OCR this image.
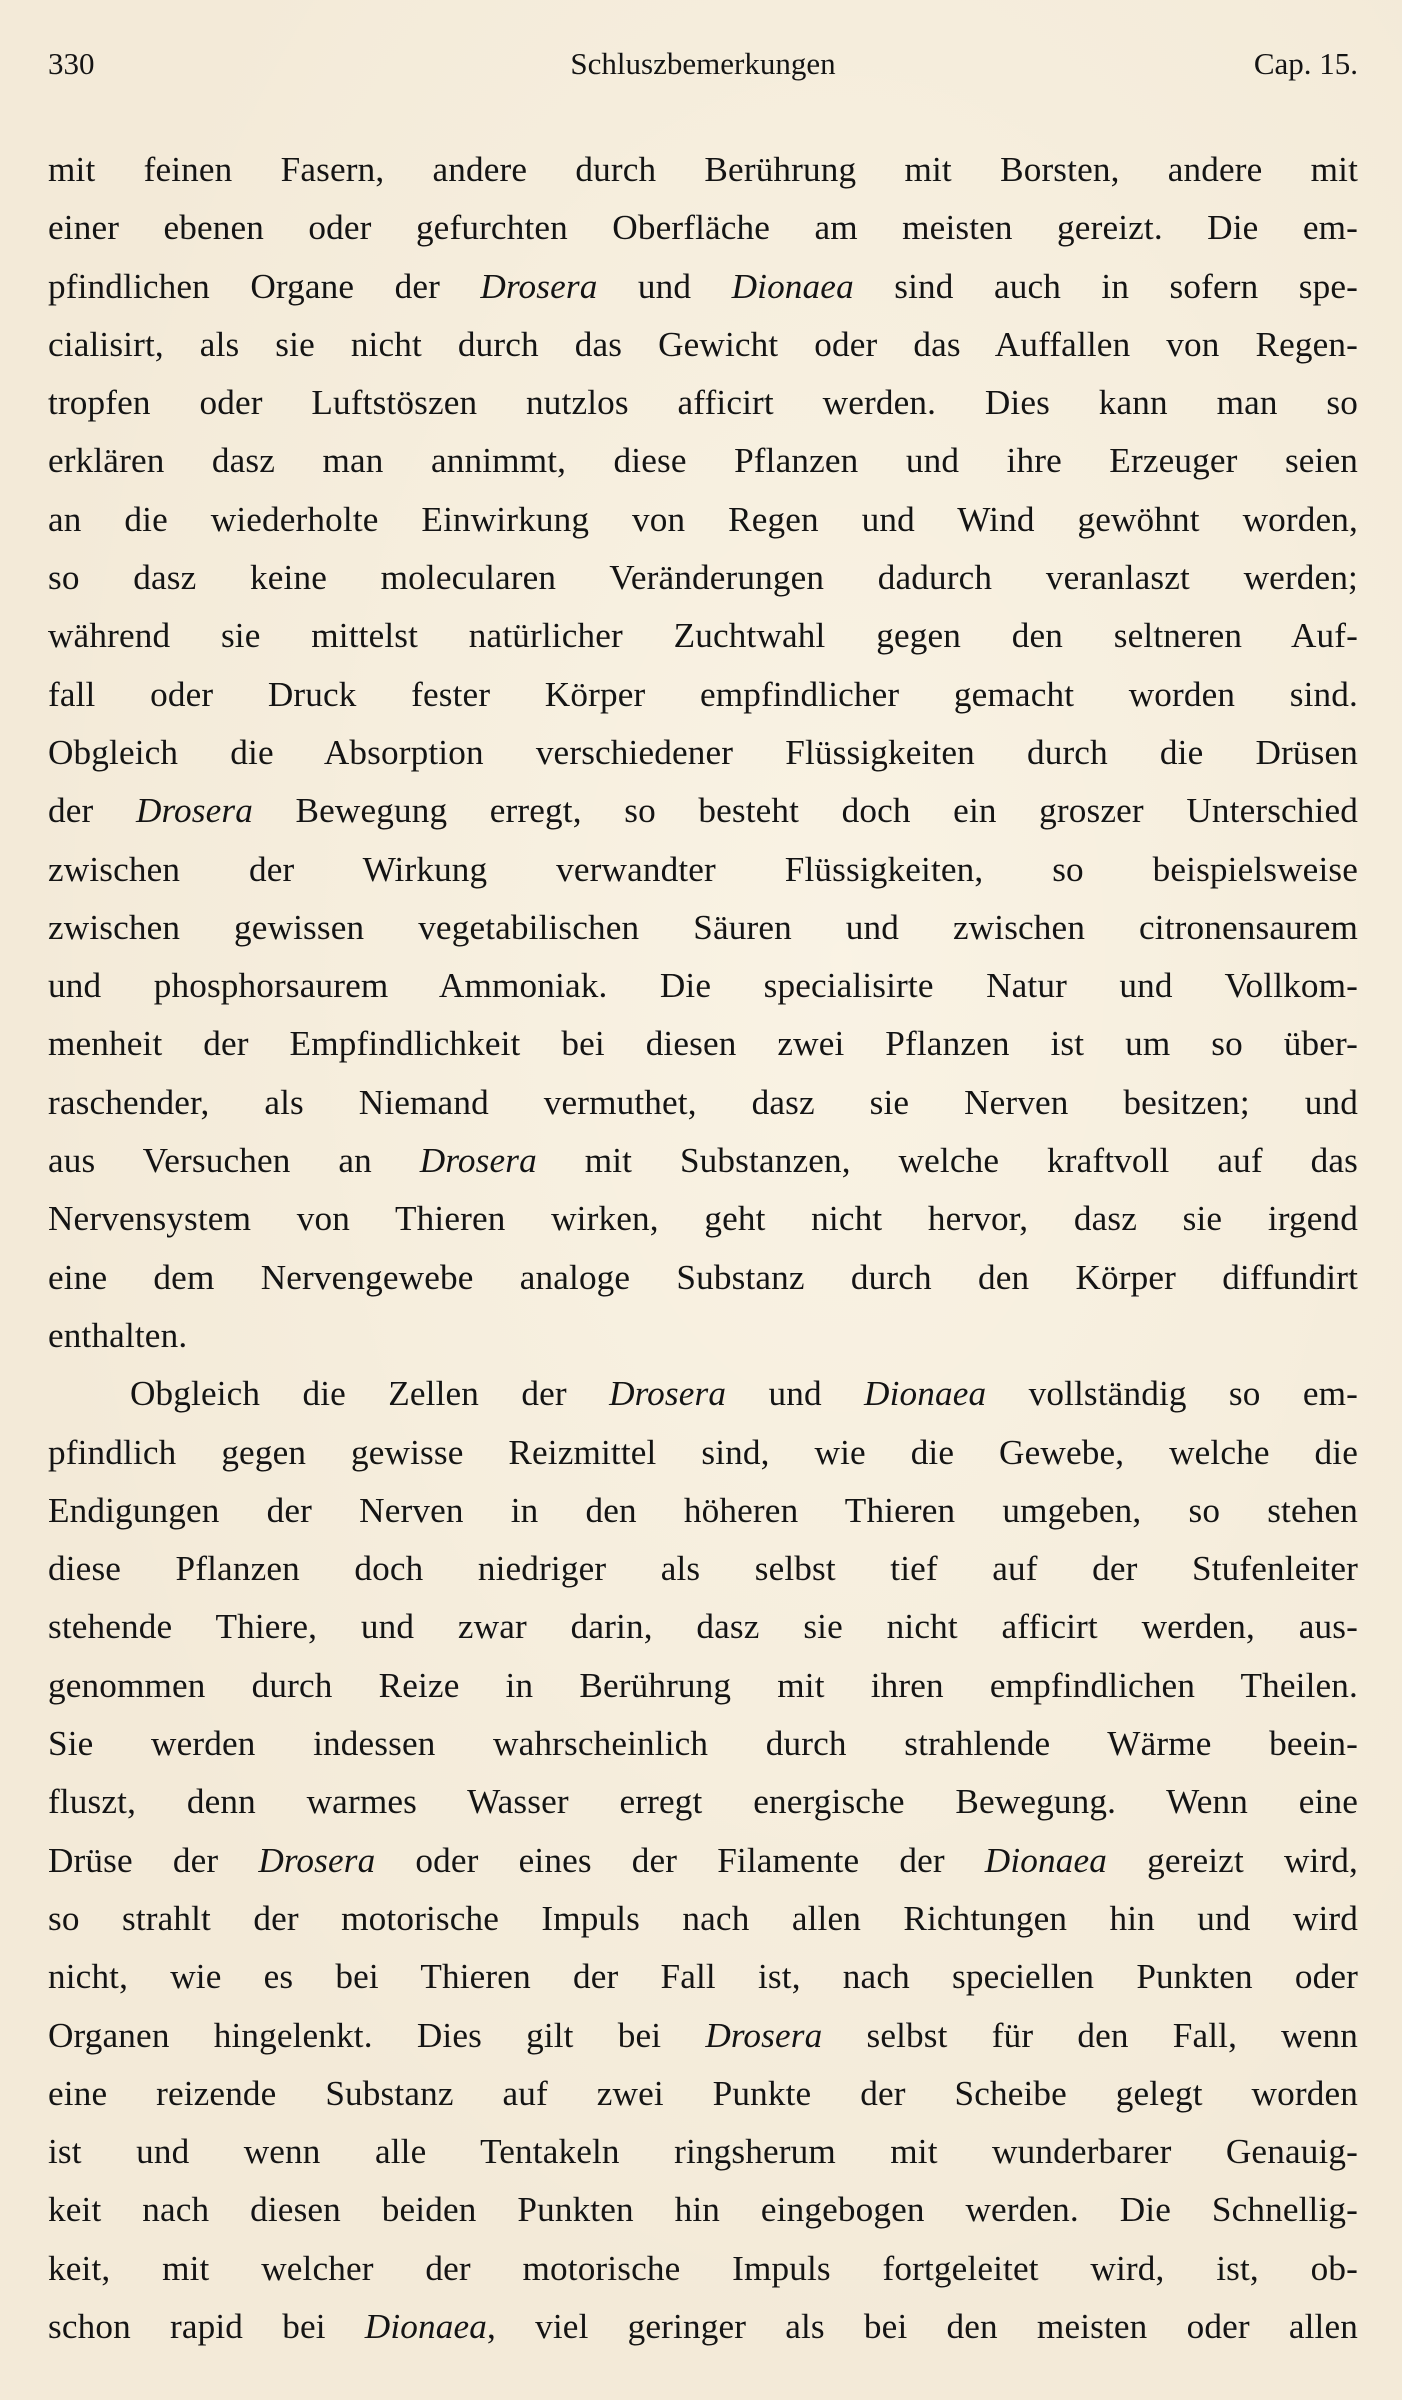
Schluszbemerkungen
330	Cap. 15.
mit feinen Fasern, andere durch Berührung mit Borsten, andere mit
einer ebenen oder gefurchten Oberfläche am meisten gereizt. Die em-
pfindlichen Organe der Drosera und Dionaea sind auch in sofern spe-
cialisirt, als sie nicht durch das Gewicht oder das Auffallen von Regen-
tropfen oder Luftstöszen nutzlos afficirt werden. Dies kann man so
erklären dasz man annimmt, diese Pflanzen und ihre Erzeuger seien
an die wiederholte Einwirkung von Regen und Wind gewöhnt worden,
so dasz keine molecularen Veränderungen dadurch veranlaszt werden;
während sie mittelst natürlicher Zuchtwahl gegen den seltneren Auf-
fall oder Druck fester Körper empfindlicher gemacht worden sind.
Obgleich die Absorption verschiedener Flüssigkeiten durch die Drüsen
der Drosera Bewegung erregt, so besteht doch ein groszer Unterschied
zwischen der Wirkung verwandter Flüssigkeiten, so beispielsweise
zwischen gewissen vegetabilischen Säuren und zwischen citronensaurem
und phosphorsaurem Ammoniak. Die specialisirte Natur und Vollkom-
menheit der Empfindlichkeit bei diesen zwei Pflanzen ist um so über-
raschender, als Niemand vermuthet, dasz sie Nerven besitzen; und
aus Versuchen an Drosera mit Substanzen, welche kraftvoll auf das
Nervensystem von Thieren wirken, geht nicht hervor, dasz sie irgend
eine dem Nervengewebe analoge Substanz durch den Körper diffundirt
enthalten.
Obgleich die Zellen der Drosera und Dionaea vollständig so em-
pfindlich gegen gewisse Reizmittel sind, wie die Gewebe, welche die
Endigungen der Nerven in den höheren Thieren umgeben, so stehen
diese Pflanzen doch niedriger als selbst tief auf der Stufenleiter
stehende Thiere, und zwar darin, dasz sie nicht afficirt werden, aus-
genommen durch Reize in Berührung mit ihren empfindlichen Theilen.
Sie werden indessen wahrscheinlich durch strahlende Wärme beein-
fluszt, denn warmes Wasser erregt energische Bewegung. Wenn eine
Drüse der Drosera oder eines der Filamente der Dionaea gereizt wird,
so strahlt der motorische Impuls nach allen Richtungen hin und wird
nicht, wie es bei Thieren der Fall ist, nach speciellen Punkten oder
Organen hingelenkt. Dies gilt bei Drosera selbst für den Fall, wenn
eine reizende Substanz auf zwei Punkte der Scheibe gelegt worden
ist und wenn alle Tentakeln ringsherum mit wunderbarer Genauig-
keit nach diesen beiden Punkten hin eingebogen werden. Die Schnellig-
keit, mit welcher der motorische Impuls fortgeleitet wird, ist, ob-
schon rapid bei Dionaea, viel geringer als bei den meisten oder allen
